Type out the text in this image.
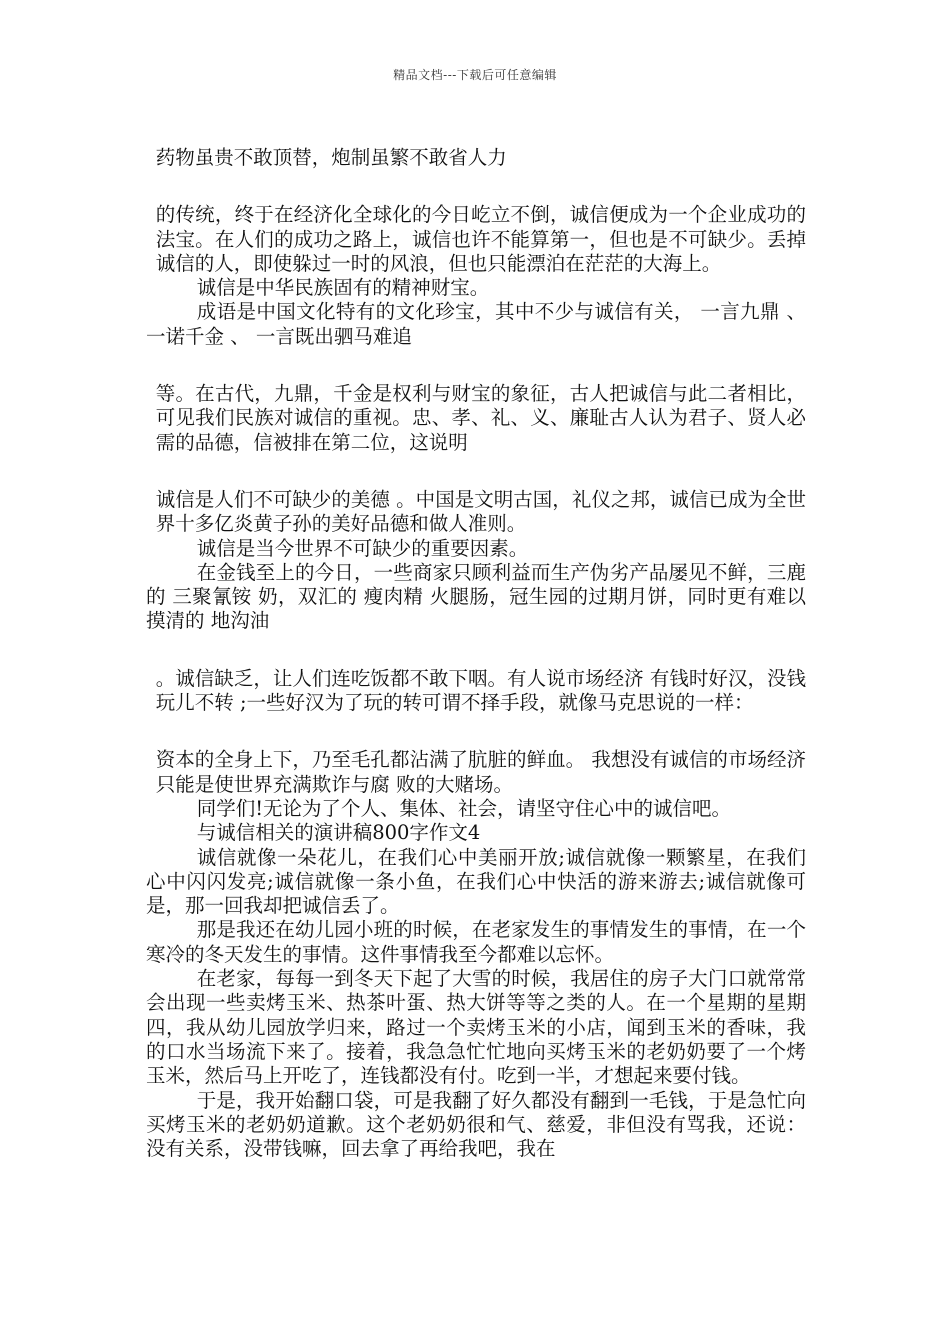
精品文档---下载后可任意编辑

药物虽贵不敢顶替，炮制虽繁不敢省人力

的传统，终于在经济化全球化的今日屹立不倒，诚信便成为一个企业成功的法宝。在人们的成功之路上，诚信也许不能算第一，但也是不可缺少。丢掉诚信的人，即使躲过一时的风浪，但也只能漂泊在茫茫的大海上。

诚信是中华民族固有的精神财宝。

成语是中国文化特有的文化珍宝，其中不少与诚信有关， 一言九鼎 、 一诺千金 、 一言既出驷马难追

等。在古代，九鼎，千金是权利与财宝的象征，古人把诚信与此二者相比，可见我们民族对诚信的重视。忠、孝、礼、义、廉耻古人认为君子、贤人必需的品德，信被排在第二位，这说明

诚信是人们不可缺少的美德 。中国是文明古国，礼仪之邦，诚信已成为全世界十多亿炎黄子孙的美好品德和做人准则。

诚信是当今世界不可缺少的重要因素。

在金钱至上的今日，一些商家只顾利益而生产伪劣产品屡见不鲜，三鹿的 三聚氰铵 奶，双汇的 瘦肉精 火腿肠，冠生园的过期月饼，同时更有难以摸清的 地沟油

。诚信缺乏，让人们连吃饭都不敢下咽。有人说市场经济 有钱时好汉，没钱玩儿不转 ;一些好汉为了玩的转可谓不择手段，就像马克思说的一样：

资本的全身上下，乃至毛孔都沾满了肮脏的鲜血。 我想没有诚信的市场经济只能是使世界充满欺诈与腐 败的大赌场。

同学们!无论为了个人、集体、社会，请坚守住心中的诚信吧。

与诚信相关的演讲稿800字作文4

诚信就像一朵花儿，在我们心中美丽开放;诚信就像一颗繁星，在我们心中闪闪发亮;诚信就像一条小鱼，在我们心中快活的游来游去;诚信就像可是，那一回我却把诚信丢了。

那是我还在幼儿园小班的时候，在老家发生的事情发生的事情，在一个寒冷的冬天发生的事情。这件事情我至今都难以忘怀。

在老家，每每一到冬天下起了大雪的时候，我居住的房子大门口就常常会出现一些卖烤玉米、热茶叶蛋、热大饼等等之类的人。在一个星期的星期四，我从幼儿园放学归来，路过一个卖烤玉米的小店，闻到玉米的香味，我的口水当场流下来了。接着，我急急忙忙地向买烤玉米的老奶奶要了一个烤玉米，然后马上开吃了，连钱都没有付。吃到一半，才想起来要付钱。

于是，我开始翻口袋，可是我翻了好久都没有翻到一毛钱，于是急忙向买烤玉米的老奶奶道歉。这个老奶奶很和气、慈爱，非但没有骂我，还说：没有关系，没带钱嘛，回去拿了再给我吧，我在
